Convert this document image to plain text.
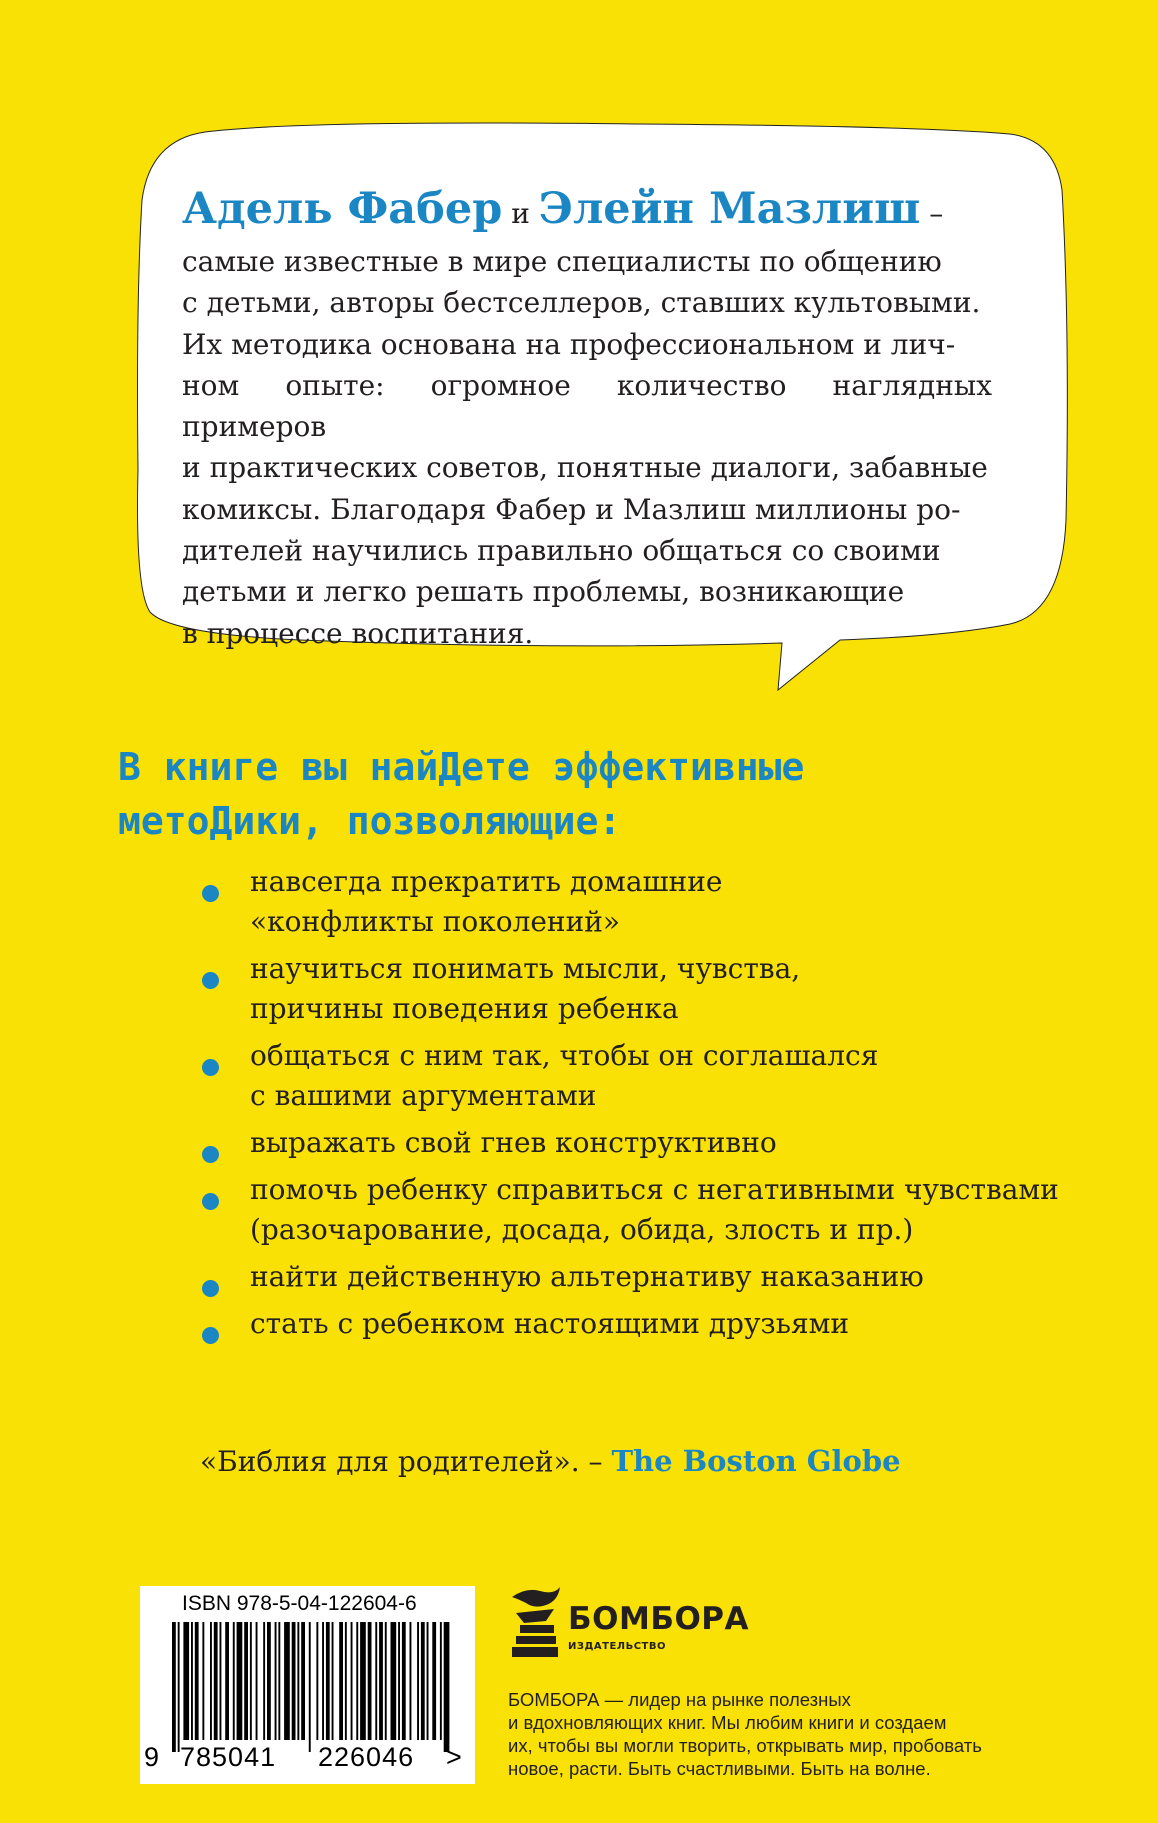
Адель Фабер и Элейн Мазлиш –
самые известные в мире специалисты по общению
с детьми, авторы бестселлеров, ставших культовыми.
Их методика основана на профессиональном и лич-
ном опыте: огромное количество наглядных примеров
и практических советов, понятные диалоги, забавные
комиксы. Благодаря Фабер и Мазлиш миллионы ро-
дителей научились правильно общаться со своими
детьми и легко решать проблемы, возникающие
в процессе воспитания.
В книге вы найДете эффективные
метоДики, позволяющие:
навсегда прекратить домашние
«конфликты поколений»
научиться понимать мысли, чувства,
причины поведения ребенка
общаться с ним так, чтобы он соглашался
с вашими аргументами
выражать свой гнев конструктивно
помочь ребенку справиться с негативными чувствами
(разочарование, досада, обида, злость и пр.)
найти действенную альтернативу наказанию
стать с ребенком настоящими друзьями
«Библия для родителей». – The Boston Globe
ISBN 978-5-04-122604-6
9 785041 226046 >
БОМБОРА
ИЗДАТЕЛЬСТВО
БОМБОРА — лидер на рынке полезных
и вдохновляющих книг. Мы любим книги и создаем
их, чтобы вы могли творить, открывать мир, пробовать
новое, расти. Быть счастливыми. Быть на волне.
